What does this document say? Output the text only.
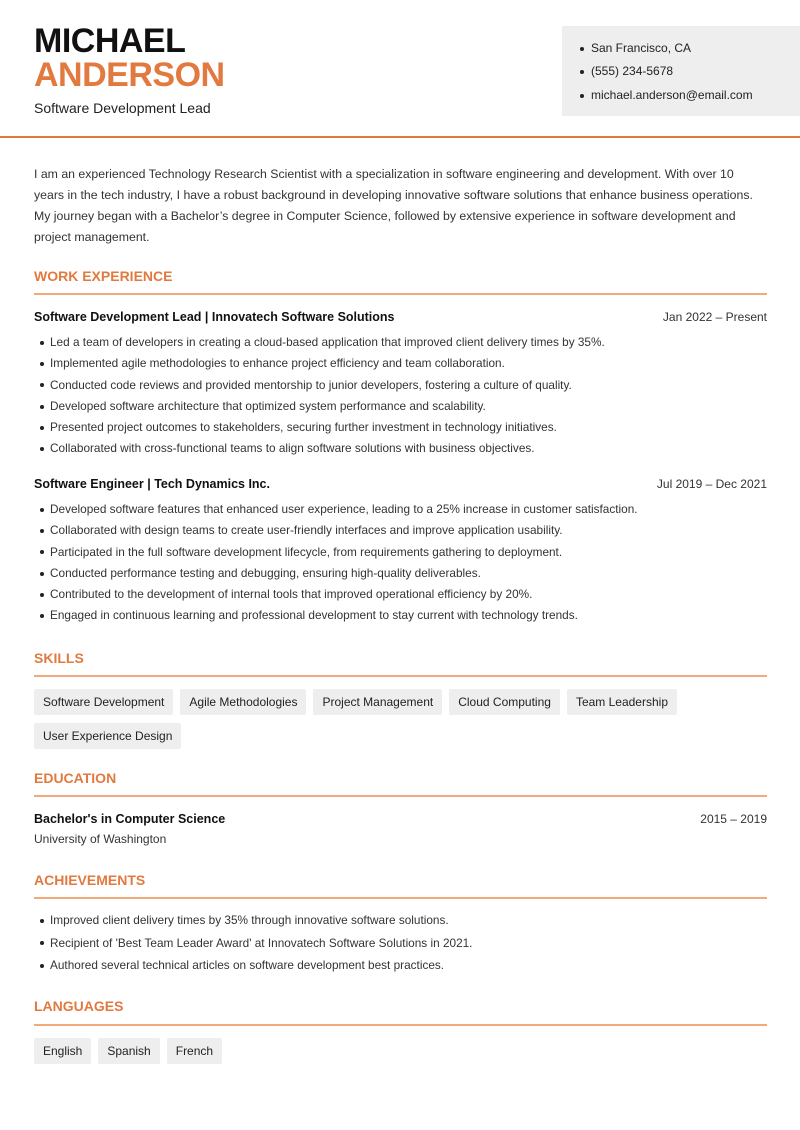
MICHAEL
ANDERSON
Software Development Lead
San Francisco, CA
(555) 234-5678
michael.anderson@email.com
I am an experienced Technology Research Scientist with a specialization in software engineering and development. With over 10 years in the tech industry, I have a robust background in developing innovative software solutions that enhance business operations. My journey began with a Bachelor’s degree in Computer Science, followed by extensive experience in software development and project management.
WORK EXPERIENCE
Software Development Lead | Innovatech Software Solutions	Jan 2022 – Present
Led a team of developers in creating a cloud-based application that improved client delivery times by 35%.
Implemented agile methodologies to enhance project efficiency and team collaboration.
Conducted code reviews and provided mentorship to junior developers, fostering a culture of quality.
Developed software architecture that optimized system performance and scalability.
Presented project outcomes to stakeholders, securing further investment in technology initiatives.
Collaborated with cross-functional teams to align software solutions with business objectives.
Software Engineer | Tech Dynamics Inc.	Jul 2019 – Dec 2021
Developed software features that enhanced user experience, leading to a 25% increase in customer satisfaction.
Collaborated with design teams to create user-friendly interfaces and improve application usability.
Participated in the full software development lifecycle, from requirements gathering to deployment.
Conducted performance testing and debugging, ensuring high-quality deliverables.
Contributed to the development of internal tools that improved operational efficiency by 20%.
Engaged in continuous learning and professional development to stay current with technology trends.
SKILLS
Software Development Agile Methodologies Project Management Cloud Computing Team LeadershipUser Experience Design
EDUCATION
Bachelor's in Computer Science	2015 – 2019
University of Washington
ACHIEVEMENTS
Improved client delivery times by 35% through innovative software solutions.
Recipient of 'Best Team Leader Award' at Innovatech Software Solutions in 2021.
Authored several technical articles on software development best practices.
LANGUAGES
English Spanish French
